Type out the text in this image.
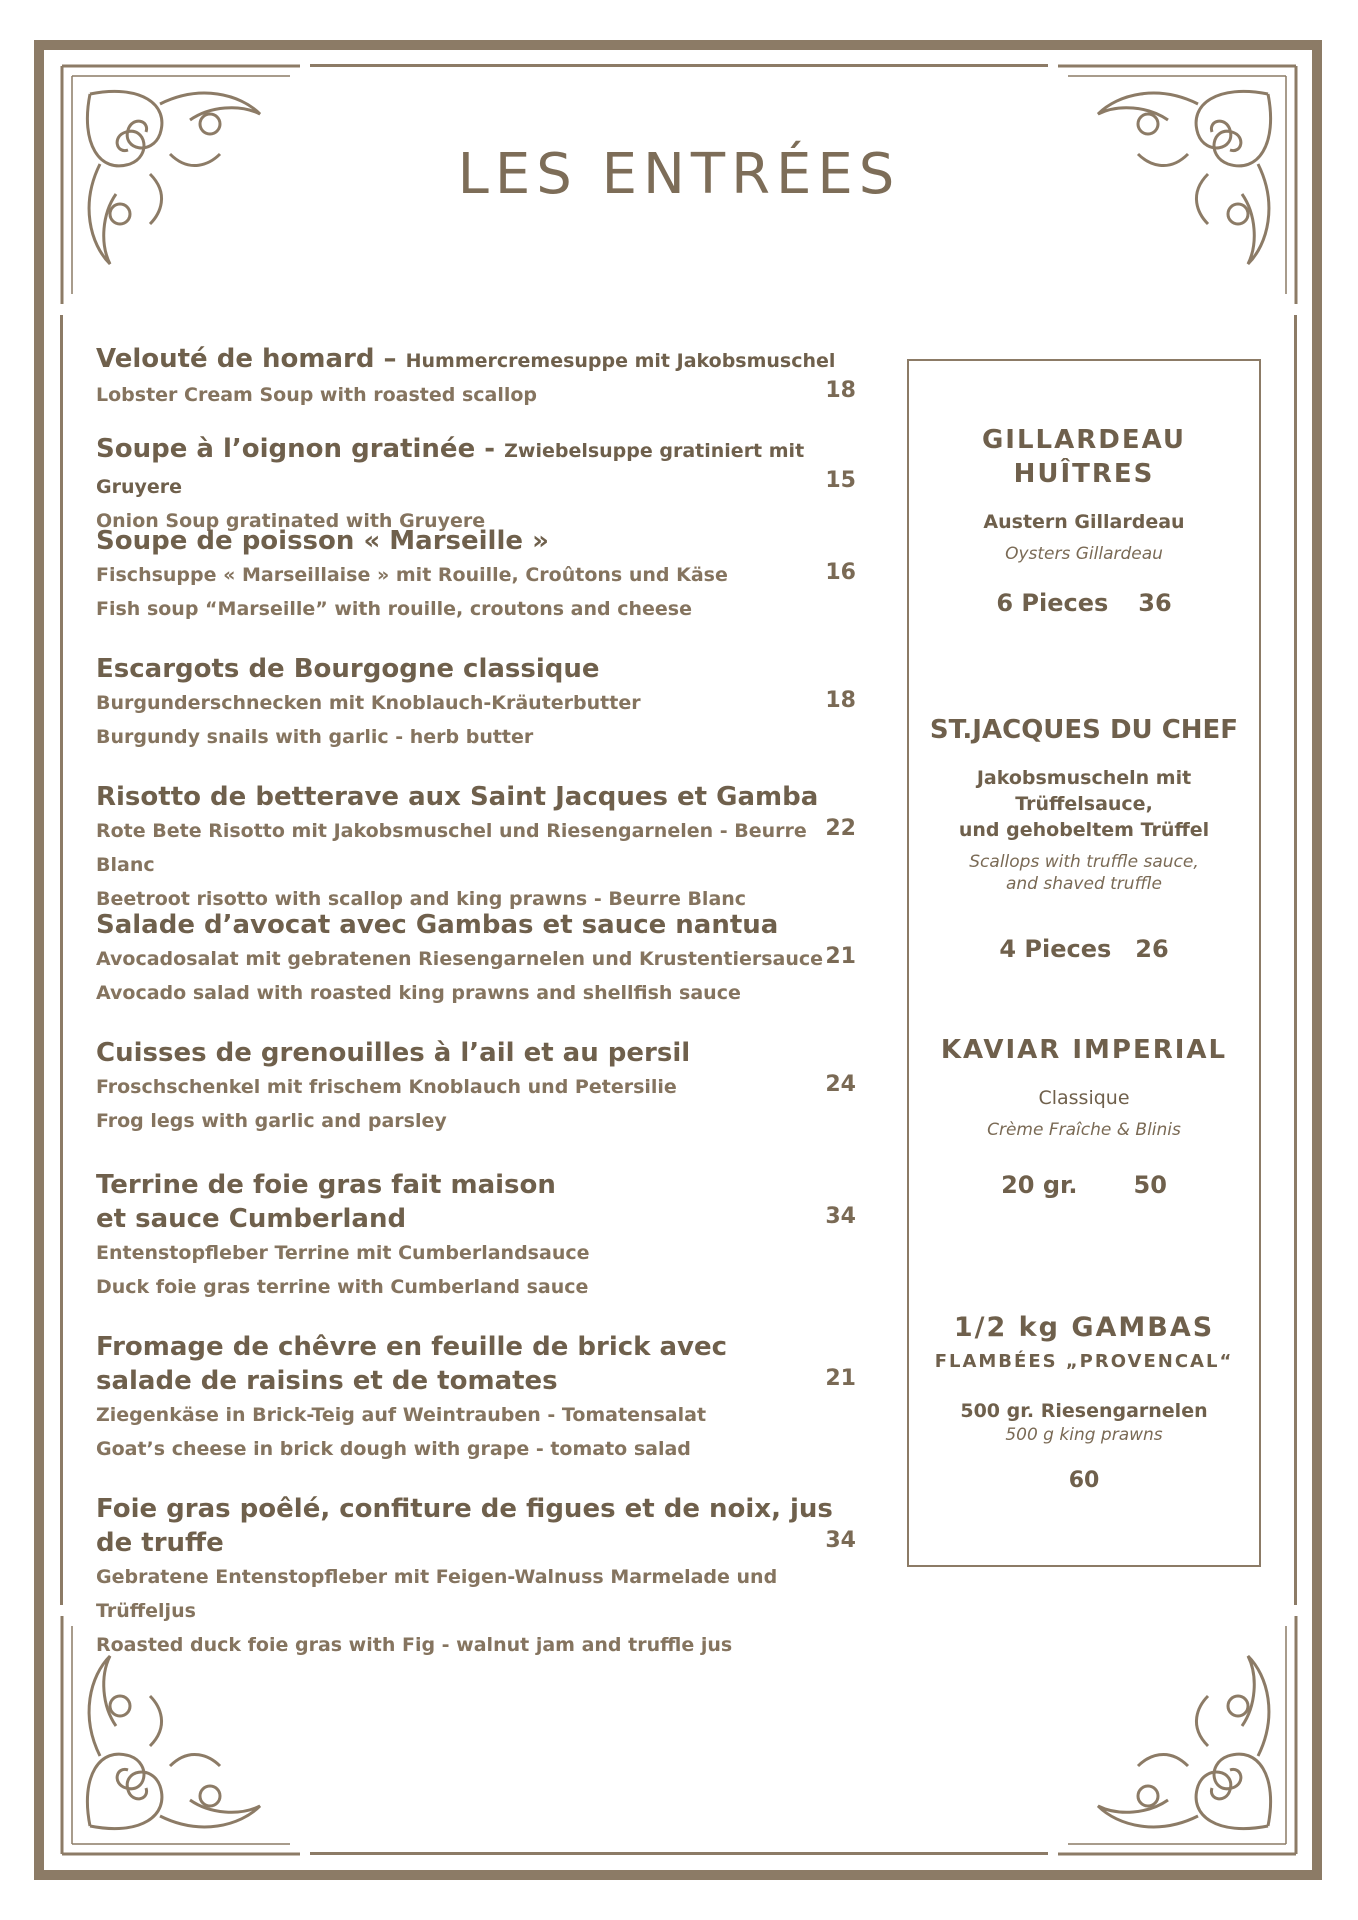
LES ENTRÉES
Velouté de homard – Hummercremesuppe mit Jakobsmuschel
Lobster Cream Soup with roasted scallop	18
Soupe à l’oignon gratinée - Zwiebelsuppe gratiniert mit Gruyere
Onion Soup gratinated with Gruyere
15
Soupe de poisson « Marseille »
Fischsuppe « Marseillaise » mit Rouille, Croûtons und Käse
Fish soup “Marseille” with rouille, croutons and cheese
16
Escargots de Bourgogne classique
Burgunderschnecken mit Knoblauch-Kräuterbutter
Burgundy snails with garlic - herb butter
18
Risotto de betterave aux Saint Jacques et Gamba
Rote Bete Risotto mit Jakobsmuschel und Riesengarnelen - Beurre Blanc
Beetroot risotto with scallop and king prawns - Beurre Blanc
22
Salade d’avocat avec Gambas et sauce nantua
Avocadosalat mit gebratenen Riesengarnelen und Krustentiersauce
Avocado salad with roasted king prawns and shellfish sauce
21
Cuisses de grenouilles à l’ail et au persil
Froschschenkel mit frischem Knoblauch und Petersilie
Frog legs with garlic and parsley
24
Terrine de foie gras fait maison
et sauce Cumberland
Entenstopfleber Terrine mit Cumberlandsauce
Duck foie gras terrine with Cumberland sauce
34
Fromage de chêvre en feuille de brick avec
salade de raisins et de tomates
Ziegenkäse in Brick-Teig auf Weintrauben - Tomatensalat
Goat’s cheese in brick dough with grape - tomato salad
21
Foie gras poêlé, confiture de figues et de noix, jus de truffe
Gebratene Entenstopfleber mit Feigen-Walnuss Marmelade und Trüffeljus
Roasted duck foie gras with Fig - walnut jam and truffle jus
34
GILLARDEAU
HUÎTRES
Austern Gillardeau
Oysters Gillardeau
6 Pieces 36
ST.JACQUES DU CHEF
Jakobsmuscheln mit Trüffelsauce,
und gehobeltem Trüffel
Scallops with truffle sauce,
and shaved truffle
4 Pieces 26
KAVIAR IMPERIAL
Classique
Crème Fraîche & Blinis
20 gr. 50
1/2 kg GAMBAS
FLAMBÉES „PROVENCAL“
500 gr. Riesengarnelen
500 g king prawns
60
